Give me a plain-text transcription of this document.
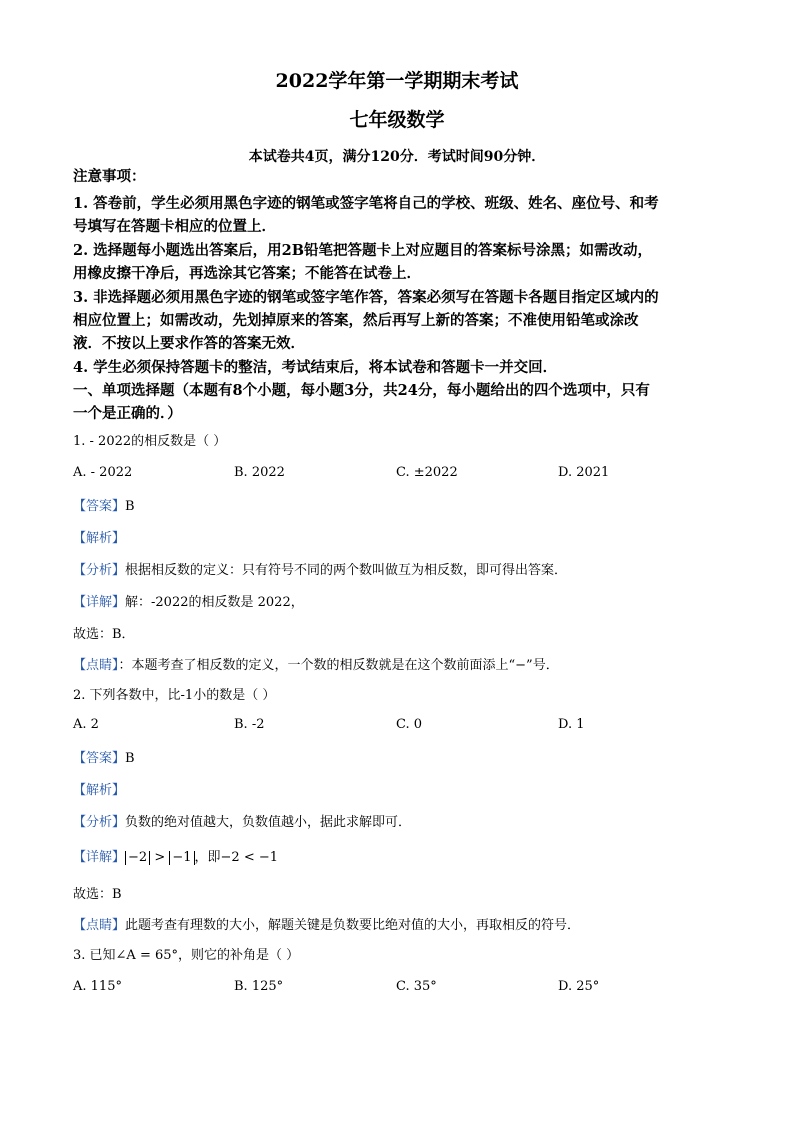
2022学年第一学期期末考试
七年级数学
本试卷共4页，满分120分．考试时间90分钟．
注意事项：
1. 答卷前，学生必须用黑色字迹的钢笔或签字笔将自己的学校、班级、姓名、座位号、和考
号填写在答题卡相应的位置上．
2. 选择题每小题选出答案后，用2B铅笔把答题卡上对应题目的答案标号涂黑；如需改动，
用橡皮擦干净后，再选涂其它答案；不能答在试卷上．
3. 非选择题必须用黑色字迹的钢笔或签字笔作答，答案必须写在答题卡各题目指定区域内的
相应位置上；如需改动，先划掉原来的答案，然后再写上新的答案；不准使用铅笔或涂改
液．不按以上要求作答的答案无效．
4. 学生必须保持答题卡的整洁，考试结束后，将本试卷和答题卡一并交回．
一、单项选择题（本题有8个小题，每小题3分，共24分，每小题给出的四个选项中，只有
一个是正确的．）
1. - 2022的相反数是（ ）
A. - 2022	B. 2022	C. ±2022	D. 2021
【答案】B
【解析】
【分析】根据相反数的定义：只有符号不同的两个数叫做互为相反数，即可得出答案．
【详解】解：-2022的相反数是 2022，
故选：B．
【点睛】：本题考查了相反数的定义，一个数的相反数就是在这个数前面添上“−”号．
2. 下列各数中，比-1小的数是（ ）
A. 2	B. -2	C. 0	D. 1
【答案】B
【解析】
【分析】负数的绝对值越大，负数值越小，据此求解即可．
【详解】 −2 > −1 ，即−2 < −1
故选：B
【点睛】此题考查有理数的大小，解题关键是负数要比绝对值的大小，再取相反的符号．
3. 已知∠A = 65°，则它的补角是（ ）
A. 115°	B. 125°	C. 35°	D. 25°
